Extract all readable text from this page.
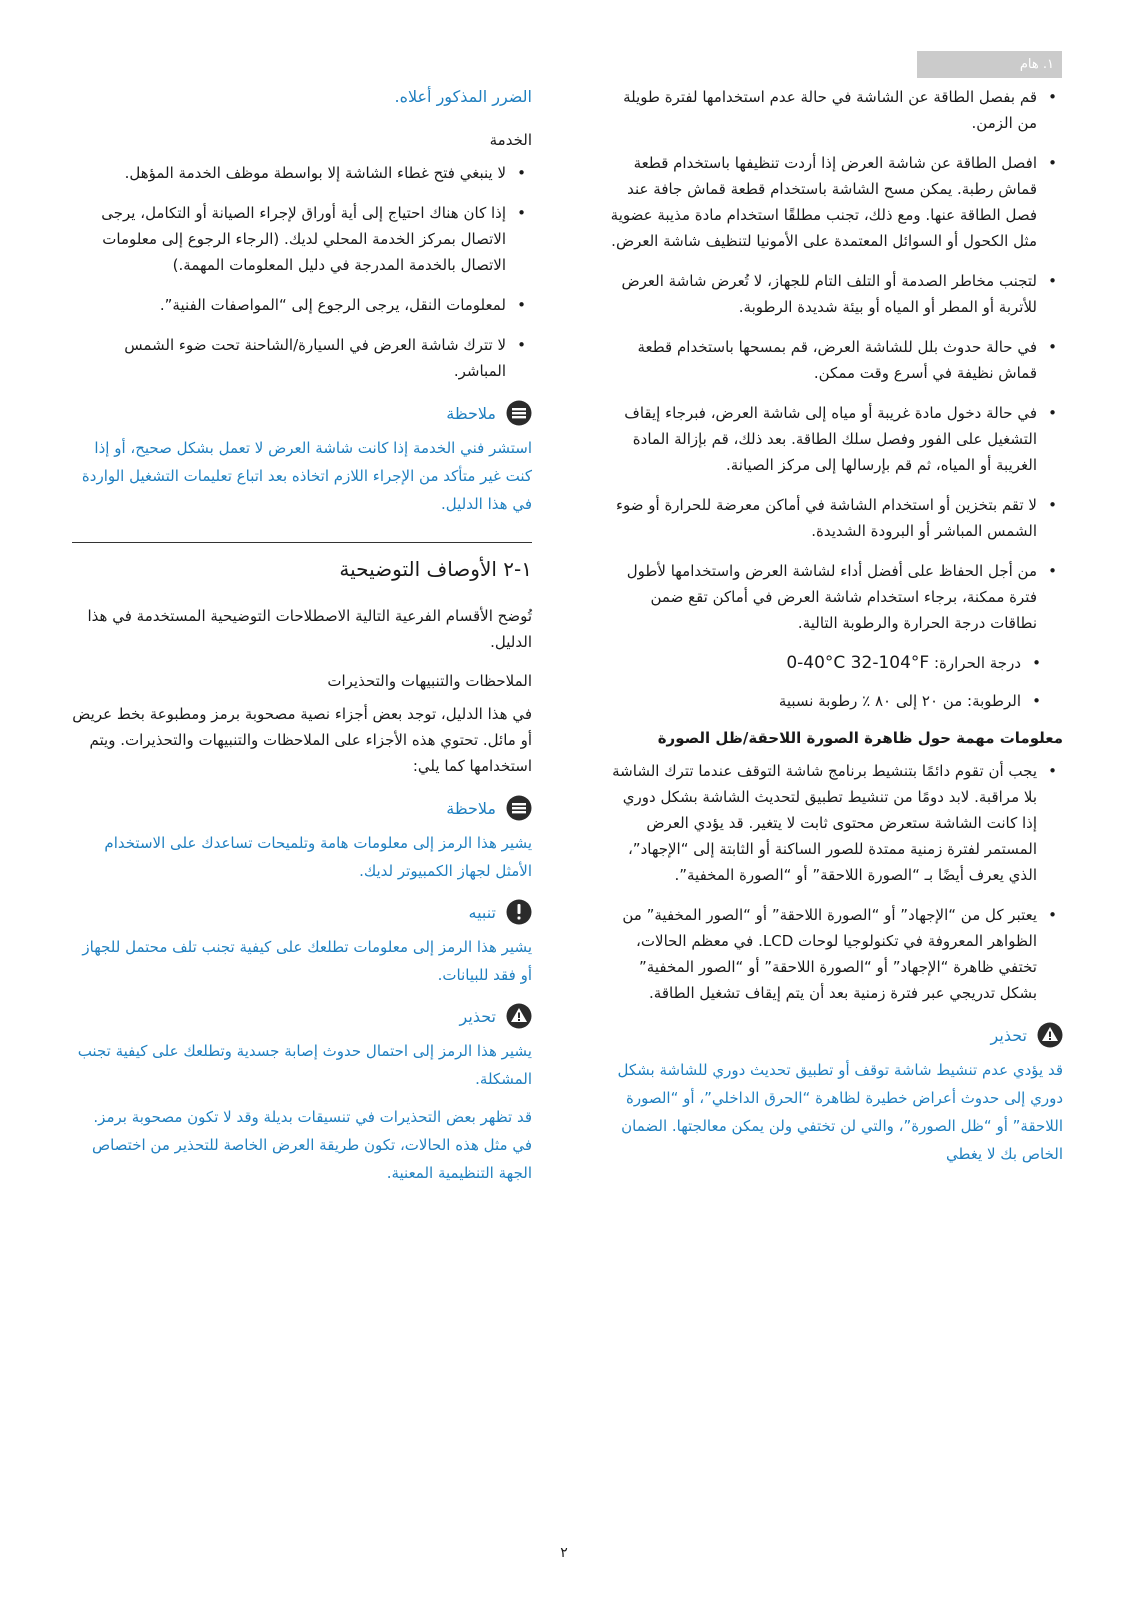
١. هام
• قم بفصل الطاقة عن الشاشة في حالة عدم استخدامها لفترة طويلة من الزمن.
• افصل الطاقة عن شاشة العرض إذا أردت تنظيفها باستخدام قطعة قماش رطبة. يمكن مسح الشاشة باستخدام قطعة قماش جافة عند فصل الطاقة عنها. ومع ذلك، تجنب مطلقًا استخدام مادة مذيبة عضوية مثل الكحول أو السوائل المعتمدة على الأمونيا لتنظيف شاشة العرض.
• لتجنب مخاطر الصدمة أو التلف التام للجهاز، لا تُعرض شاشة العرض للأتربة أو المطر أو المياه أو بيئة شديدة الرطوبة.
• في حالة حدوث بلل للشاشة العرض، قم بمسحها باستخدام قطعة قماش نظيفة في أسرع وقت ممكن.
• في حالة دخول مادة غريبة أو مياه إلى شاشة العرض، فبرجاء إيقاف التشغيل على الفور وفصل سلك الطاقة. بعد ذلك، قم بإزالة المادة الغريبة أو المياه، ثم قم بإرسالها إلى مركز الصيانة.
• لا تقم بتخزين أو استخدام الشاشة في أماكن معرضة للحرارة أو ضوء الشمس المباشر أو البرودة الشديدة.
• من أجل الحفاظ على أفضل أداء لشاشة العرض واستخدامها لأطول فترة ممكنة، برجاء استخدام شاشة العرض في أماكن تقع ضمن نطاقات درجة الحرارة والرطوبة التالية.
• درجة الحرارة: 0-40°C 32-104°F
• الرطوبة: من ٢٠ إلى ٨٠ ٪ رطوبة نسبية
معلومات مهمة حول ظاهرة الصورة اللاحقة/ظل الصورة
• يجب أن تقوم دائمًا بتنشيط برنامج شاشة التوقف عندما تترك الشاشة بلا مراقبة. لابد دومًا من تنشيط تطبيق لتحديث الشاشة بشكل دوري إذا كانت الشاشة ستعرض محتوى ثابت لا يتغير. قد يؤدي العرض المستمر لفترة زمنية ممتدة للصور الساكنة أو الثابتة إلى “الإجهاد”، الذي يعرف أيضًا بـ “الصورة اللاحقة” أو “الصورة المخفية”.
• يعتبر كل من “الإجهاد” أو “الصورة اللاحقة” أو “الصور المخفية” من الظواهر المعروفة في تكنولوجيا لوحات LCD. في معظم الحالات، تختفي ظاهرة “الإجهاد” أو “الصورة اللاحقة” أو “الصور المخفية” بشكل تدريجي عبر فترة زمنية بعد أن يتم إيقاف تشغيل الطاقة.
تحذير

قد يؤدي عدم تنشيط شاشة توقف أو تطبيق تحديث دوري للشاشة بشكل دوري إلى حدوث أعراض خطيرة لظاهرة “الحرق الداخلي”، أو “الصورة اللاحقة” أو “ظل الصورة”، والتي لن تختفي ولن يمكن معالجتها. الضمان الخاص بك لا يغطي

الضرر المذكور أعلاه.

الخدمة
• لا ينبغي فتح غطاء الشاشة إلا بواسطة موظف الخدمة المؤهل.
• إذا كان هناك احتياج إلى أية أوراق لإجراء الصيانة أو التكامل، يرجى الاتصال بمركز الخدمة المحلي لديك. (الرجاء الرجوع إلى معلومات الاتصال بالخدمة المدرجة في دليل المعلومات المهمة.)
• لمعلومات النقل، يرجى الرجوع إلى “المواصفات الفنية”.
• لا تترك شاشة العرض في السيارة/الشاحنة تحت ضوء الشمس المباشر.
ملاحظة

استشر فني الخدمة إذا كانت شاشة العرض لا تعمل بشكل صحيح، أو إذا كنت غير متأكد من الإجراء اللازم اتخاذه بعد اتباع تعليمات التشغيل الواردة في هذا الدليل.

١-٢ الأوصاف التوضيحية

تُوضح الأقسام الفرعية التالية الاصطلاحات التوضيحية المستخدمة في هذا الدليل.

الملاحظات والتنبيهات والتحذيرات

في هذا الدليل، توجد بعض أجزاء نصية مصحوبة برمز ومطبوعة بخط عريض أو مائل. تحتوي هذه الأجزاء على الملاحظات والتنبيهات والتحذيرات. ويتم استخدامها كما يلي:

ملاحظة

يشير هذا الرمز إلى معلومات هامة وتلميحات تساعدك على الاستخدام الأمثل لجهاز الكمبيوتر لديك.

تنبيه

يشير هذا الرمز إلى معلومات تطلعك على كيفية تجنب تلف محتمل للجهاز أو فقد للبيانات.

تحذير

يشير هذا الرمز إلى احتمال حدوث إصابة جسدية وتطلعك على كيفية تجنب المشكلة.

قد تظهر بعض التحذيرات في تنسيقات بديلة وقد لا تكون مصحوبة برمز. في مثل هذه الحالات، تكون طريقة العرض الخاصة للتحذير من اختصاص الجهة التنظيمية المعنية.

٢
